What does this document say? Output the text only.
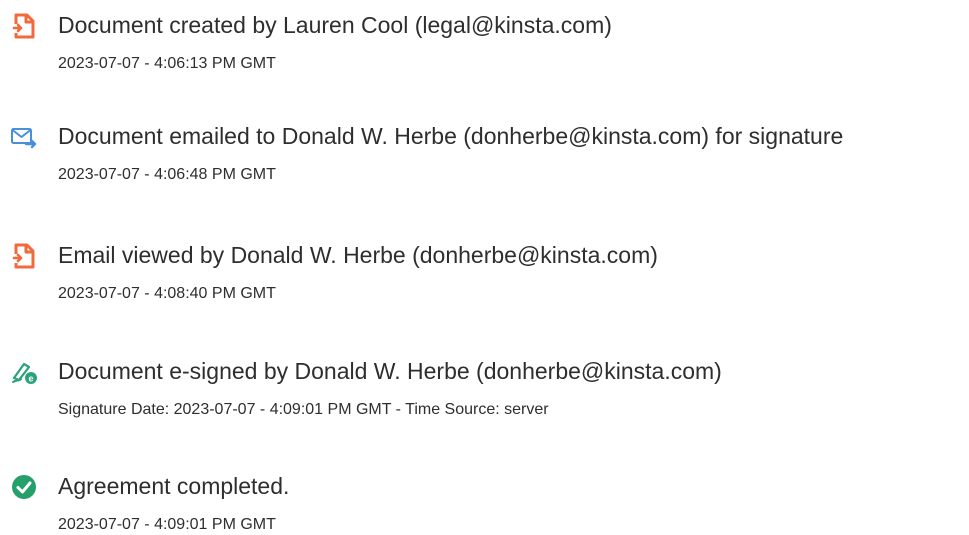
Document created by Lauren Cool (legal@kinsta.com)
2023-07-07 - 4:06:13 PM GMT
Document emailed to Donald W. Herbe (donherbe@kinsta.com) for signature
2023-07-07 - 4:06:48 PM GMT
Email viewed by Donald W. Herbe (donherbe@kinsta.com)
2023-07-07 - 4:08:40 PM GMT
e Document e-signed by Donald W. Herbe (donherbe@kinsta.com)
Signature Date: 2023-07-07 - 4:09:01 PM GMT - Time Source: server
Agreement completed.
2023-07-07 - 4:09:01 PM GMT
